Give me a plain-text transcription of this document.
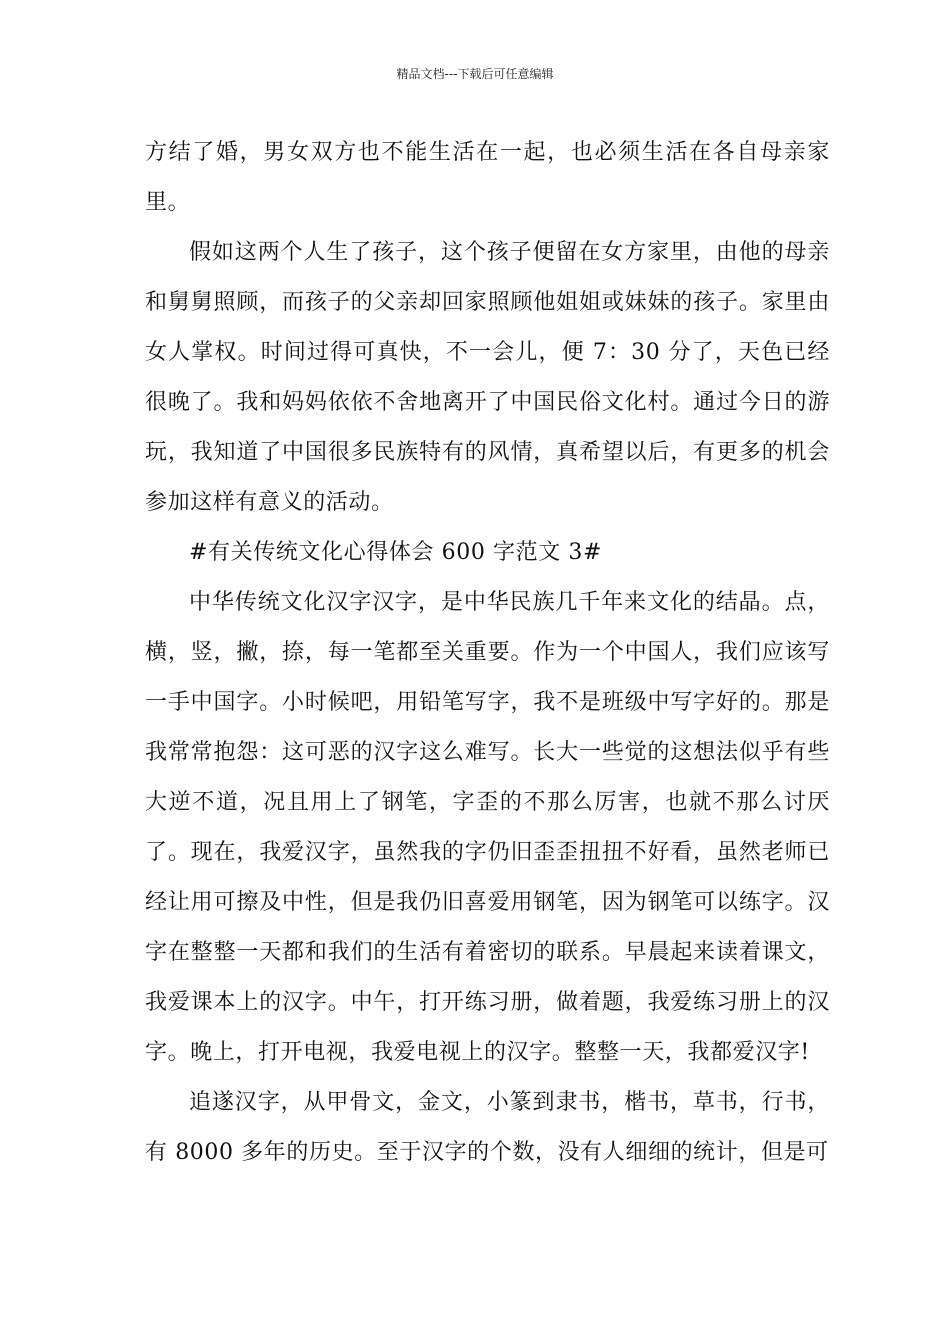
精品文档---下载后可任意编辑

方结了婚，男女双方也不能生活在一起，也必须生活在各自母亲家里。

假如这两个人生了孩子，这个孩子便留在女方家里，由他的母亲和舅舅照顾，而孩子的父亲却回家照顾他姐姐或妹妹的孩子。家里由女人掌权。时间过得可真快，不一会儿，便 7：30 分了，天色已经很晚了。我和妈妈依依不舍地离开了中国民俗文化村。通过今日的游玩，我知道了中国很多民族特有的风情，真希望以后，有更多的机会参加这样有意义的活动。

#有关传统文化心得体会 600 字范文 3#

中华传统文化汉字汉字，是中华民族几千年来文化的结晶。点，横，竖，撇，捺，每一笔都至关重要。作为一个中国人，我们应该写一手中国字。小时候吧，用铅笔写字，我不是班级中写字好的。那是我常常抱怨：这可恶的汉字这么难写。长大一些觉的这想法似乎有些大逆不道，况且用上了钢笔，字歪的不那么厉害，也就不那么讨厌了。现在，我爱汉字，虽然我的字仍旧歪歪扭扭不好看，虽然老师已经让用可擦及中性，但是我仍旧喜爱用钢笔，因为钢笔可以练字。汉字在整整一天都和我们的生活有着密切的联系。早晨起来读着课文，我爱课本上的汉字。中午，打开练习册，做着题，我爱练习册上的汉字。晚上，打开电视，我爱电视上的汉字。整整一天，我都爱汉字!

追遂汉字，从甲骨文，金文，小篆到隶书，楷书，草书，行书，有 8000 多年的历史。至于汉字的个数，没有人细细的统计，但是可
